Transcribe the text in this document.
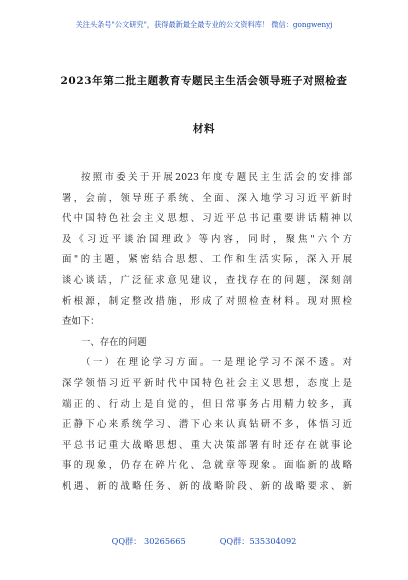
关注头条号"公文研究"，获得最新最全最专业的公文资料库！ 微信：gongwenyj
2023年第二批主题教育专题民主生活会领导班子对照检查
材料
按照市委关于开展2023年度专题民主生活会的安排部
署，会前，领导班子系统、全面、深入地学习习近平新时
代中国特色社会主义思想、习近平总书记重要讲话精神以
及《习近平谈治国理政》等内容，同时，聚焦"六个方
面"的主题，紧密结合思想、工作和生活实际，深入开展
谈心谈话，广泛征求意见建议，查找存在的问题，深刻剖
析根源，制定整改措施，形成了对照检查材料。现对照检
查如下：
一、存在的问题
（一）在理论学习方面。一是理论学习不深不透。对
深学领悟习近平新时代中国特色社会主义思想，态度上是
端正的、行动上是自觉的，但日常事务占用精力较多，真
正静下心来系统学习、潜下心来认真钻研不多，体悟习近
平总书记重大战略思想、重大决策部署有时还存在就事论
事的现象，仍存在碎片化、急就章等现象。面临新的战略
机遇、新的战略任务、新的战略阶段、新的战略要求、新
QQ群： 30265665	QQ群：535304092
